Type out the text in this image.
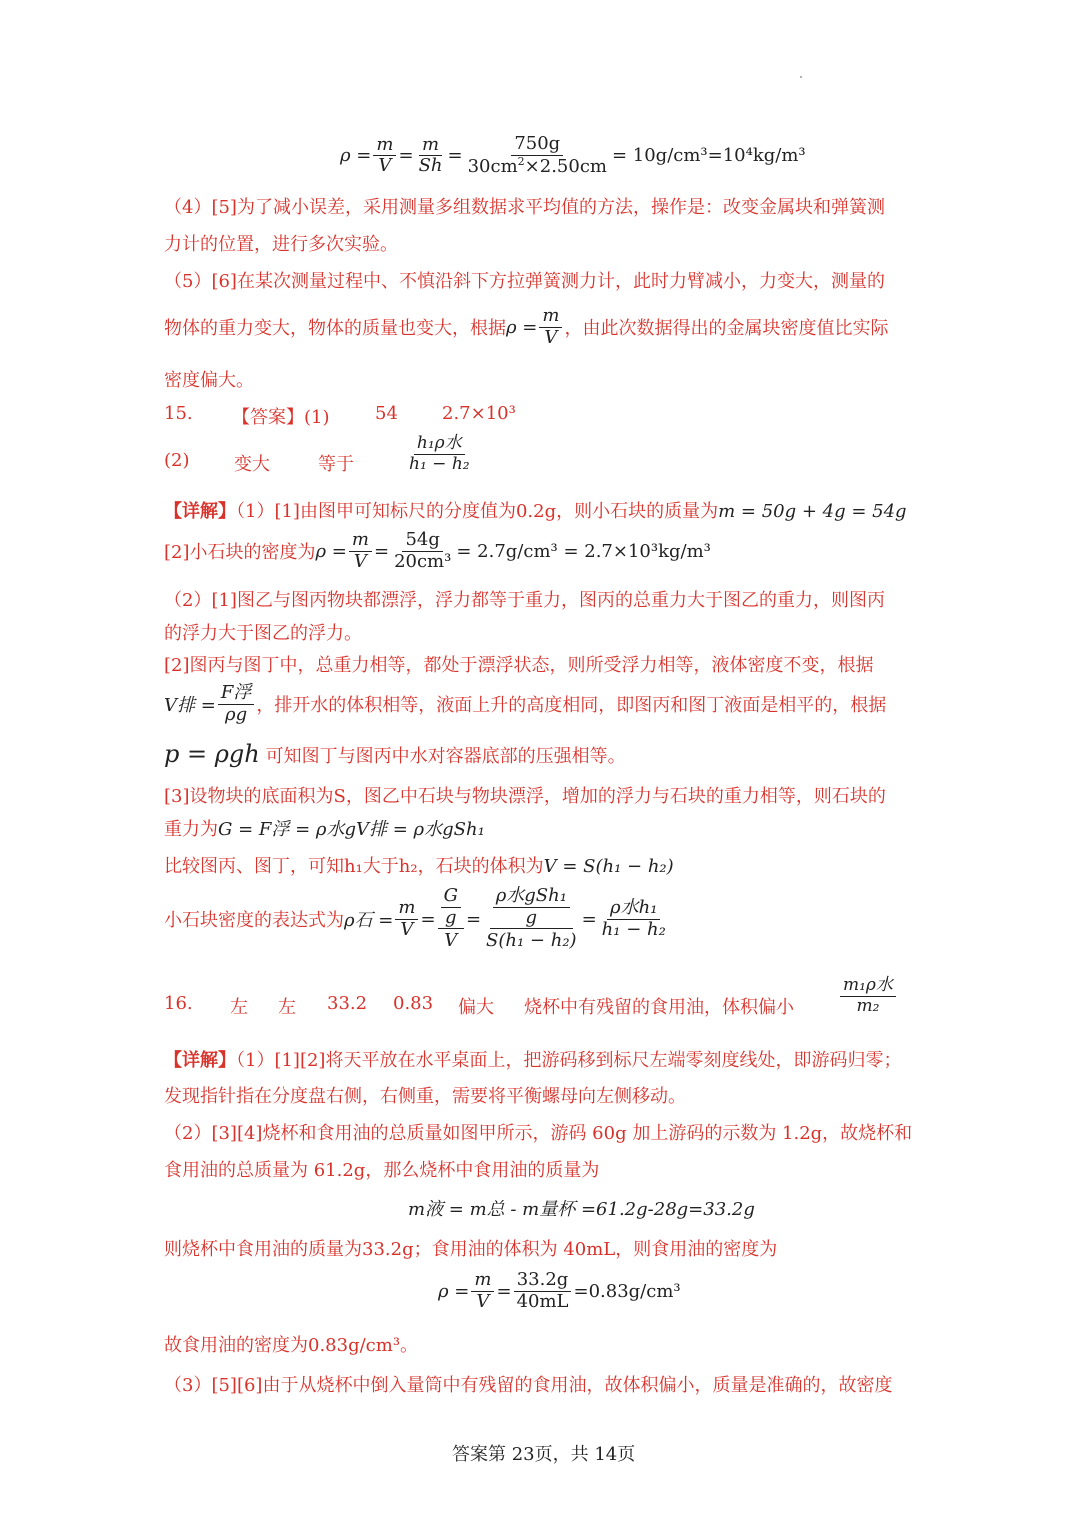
$\rho = \frac{m}{V} = \frac{m}{Sh} = \frac{750g}{30cm^2\times 2.50cm} = 10g/cm^3=10^4kg/m^3$
（4）[5]为了减小误差，采用测量多组数据求平均值的方法，操作是：改变金属块和弹簧测
力计的位置，进行多次实验。
（5）[6]在某次测量过程中、不慎沿斜下方拉弹簧测力计，此时力臂减小，力变大，测量的
物体的重力变大，物体的质量也变大，根据 $\rho = \frac{m}{V}$ ，由此次数据得出的金属块密度值比实际
密度偏大。
15. 【答案】(1)	54 2.7×10³
(2) 变大	等于	$\frac{\text{h₁ρ水}}{\text{h₁ − h₂}}$
【详解】（1）[1]由图甲可知标尺的分度值为0.2g，则小石块的质量为m = 50g + 4g = 54g
[2]小石块的密度为 $\rho = \frac{m}{V} = \frac{54g}{\text{20cm³}} = 2.7g/cm^3 = 2.7\times 10^3kg/m^3$
（2）[1]图乙与图丙物块都漂浮，浮力都等于重力，图丙的总重力大于图乙的重力，则图丙
的浮力大于图乙的浮力。
[2]图丙与图丁中，总重力相等，都处于漂浮状态，则所受浮力相等，液体密度不变，根据
V排 = $\frac{\text{F浮}}{\rho g}$ ，排开水的体积相等，液面上升的高度相同，即图丙和图丁液面是相平的，根据
p = ρgh 可知图丁与图丙中水对容器底部的压强相等。
[3]设物块的底面积为S，图乙中石块与物块漂浮，增加的浮力与石块的重力相等，则石块的
重力为G = F浮 = ρ水gV排 = ρ水gSh₁
比较图丙、图丁，可知h₁大于h₂，石块的体积为V = S(h₁ − h₂)
小石块密度的表达式为 ρ石 = $\frac{m}{V} = \frac{\frac{G}{g}}{V} = \frac{\frac{\text{ρ水gSh₁}}{g}}{\text{S(h₁ − h₂)}} = \frac{\text{ρ水h₁}}{\text{h₁ − h₂}}$
16. 左 左 33.2 0.83 偏大 烧杯中有残留的食用油，体积偏小	$\frac{\text{m₁ρ水}}{\text{m₂}}$
【详解】（1）[1][2]将天平放在水平桌面上，把游码移到标尺左端零刻度线处，即游码归零；
发现指针指在分度盘右侧，右侧重，需要将平衡螺母向左侧移动。
（2）[3][4]烧杯和食用油的总质量如图甲所示，游码 60g 加上游码的示数为 1.2g，故烧杯和
食用油的总质量为 61.2g，那么烧杯中食用油的质量为
m液 = m总 - m量杯 =61.2g-28g=33.2g
则烧杯中食用油的质量为33.2g；食用油的体积为 40mL，则食用油的密度为
$\rho = \frac{m}{V} = \frac{33.2g}{40mL} =0.83g/cm^3$
故食用油的密度为0.83g/cm³。
（3）[5][6]由于从烧杯中倒入量筒中有残留的食用油，故体积偏小，质量是准确的，故密度
答案第 23页，共 14页
